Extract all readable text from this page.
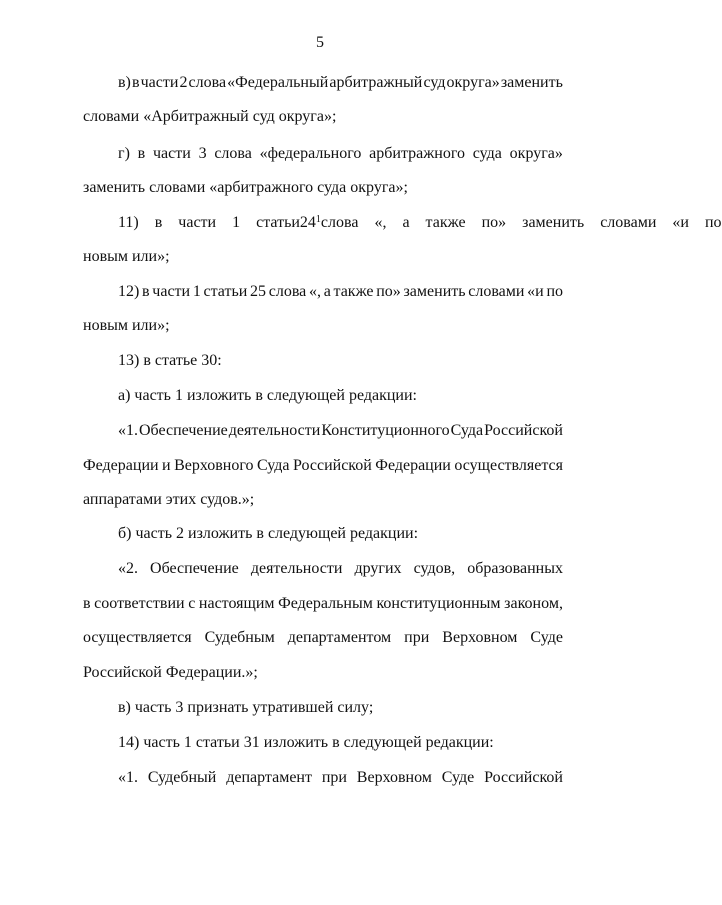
5
в) в части 2 слова «Федеральный арбитражный суд округа» заменить
словами «Арбитражный суд округа»;
г) в части 3 слова «федерального арбитражного суда округа»
заменить словами «арбитражного суда округа»;
11) в части 1 статьи $24^1$ слова «, а также по» заменить словами «и по
новым или»;
12) в части 1 статьи 25 слова «, а также по» заменить словами «и по
новым или»;
13) в статье 30:
а) часть 1 изложить в следующей редакции:
«1. Обеспечение деятельности Конституционного Суда Российской
Федерации и Верховного Суда Российской Федерации осуществляется
аппаратами этих судов.»;
б) часть 2 изложить в следующей редакции:
«2. Обеспечение деятельности других судов, образованных
в соответствии с настоящим Федеральным конституционным законом,
осуществляется Судебным департаментом при Верховном Суде
Российской Федерации.»;
в) часть 3 признать утратившей силу;
14) часть 1 статьи 31 изложить в следующей редакции:
«1. Судебный департамент при Верховном Суде Российской
